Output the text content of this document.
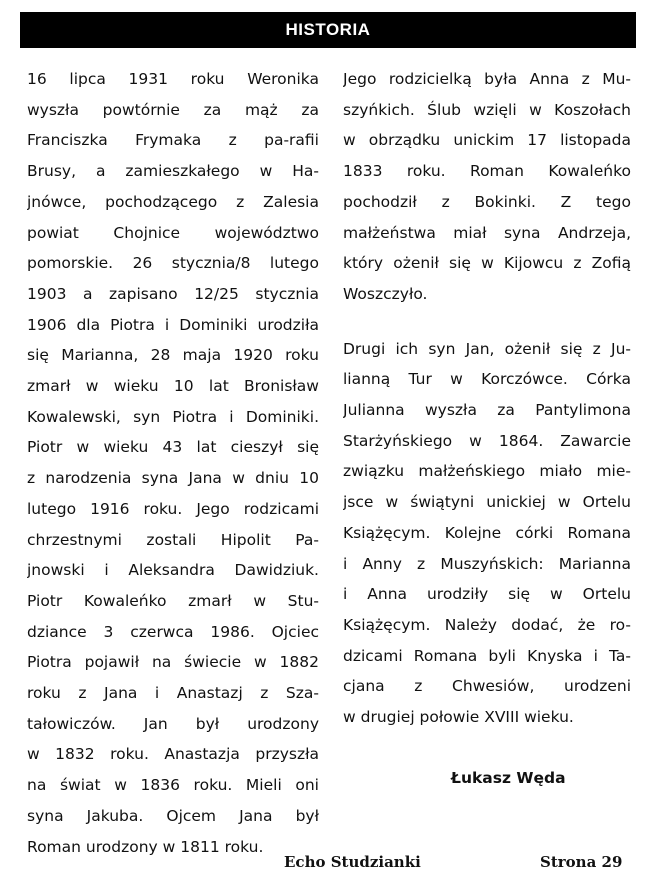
HISTORIA
16 lipca 1931 roku Weronika
wyszła powtórnie za mąż za
Franciszka Frymaka z pa-rafii
Brusy, a zamieszkałego w Ha-
jnówce, pochodzącego z Zalesia
powiat Chojnice województwo
pomorskie. 26 stycznia/8 lutego
1903 a zapisano 12/25 stycznia
1906 dla Piotra i Dominiki urodziła
się Marianna, 28 maja 1920 roku
zmarł w wieku 10 lat Bronisław
Kowalewski, syn Piotra i Dominiki.
Piotr w wieku 43 lat cieszył się
z narodzenia syna Jana w dniu 10
lutego 1916 roku. Jego rodzicami
chrzestnymi zostali Hipolit Pa-
jnowski i Aleksandra Dawidziuk.
Piotr Kowaleńko zmarł w Stu-
dziance 3 czerwca 1986. Ojciec
Piotra pojawił na świecie w 1882
roku z Jana i Anastazj z Sza-
tałowiczów. Jan był urodzony
w 1832 roku. Anastazja przyszła
na świat w 1836 roku. Mieli oni
syna Jakuba. Ojcem Jana był
Roman urodzony w 1811 roku.
Jego rodzicielką była Anna z Mu-
szyńkich. Ślub wzięli w Koszołach
w obrządku unickim 17 listopada
1833 roku. Roman Kowaleńko
pochodził z Bokinki. Z tego
małżeństwa miał syna Andrzeja,
który ożenił się w Kijowcu z Zofią
Woszczyło.
Drugi ich syn Jan, ożenił się z Ju-
lianną Tur w Korczówce. Córka
Julianna wyszła za Pantylimona
Starżyńskiego w 1864. Zawarcie
związku małżeńskiego miało mie-
jsce w świątyni unickiej w Ortelu
Książęcym. Kolejne córki Romana
i Anny z Muszyńskich: Marianna
i Anna urodziły się w Ortelu
Książęcym. Należy dodać, że ro-
dzicami Romana byli Knyska i Ta-
cjana z Chwesiów, urodzeni
w drugiej połowie XVIII wieku.
Łukasz Węda
Echo Studzianki	Strona 29
